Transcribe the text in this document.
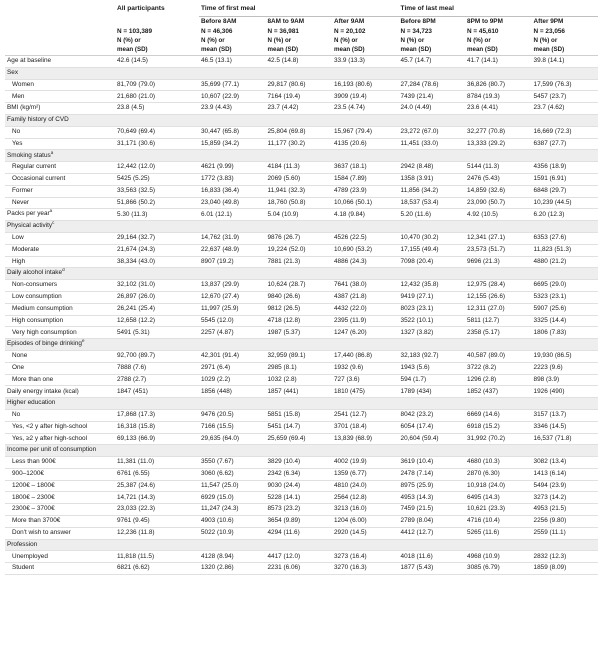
	All participants	Time of first meal			Time of last meal		
		Before 8AM	8AM to 9AM	After 9AM	Before 8PM	8PM to 9PM	After 9PM
	N = 103,389	N = 46,306	N = 36,981	N = 20,102	N = 34,723	N = 45,610	N = 23,056
	N (%) or	N (%) or	N (%) or	N (%) or	N (%) or	N (%) or	N (%) or
	mean (SD)	mean (SD)	mean (SD)	mean (SD)	mean (SD)	mean (SD)	mean (SD)
Age at baseline	42.6 (14.5)	46.5 (13.1)	42.5 (14.8)	33.9 (13.3)	45.7 (14.7)	41.7 (14.1)	39.8 (14.1)
Sex							
Women	81,709 (79.0)	35,699 (77.1)	29,817 (80.6)	16,193 (80.6)	27,284 (78.6)	36,826 (80.7)	17,599 (76.3)
Men	21,680 (21.0)	10,607 (22.9)	7164 (19.4)	3909 (19.4)	7439 (21.4)	8784 (19.3)	5457 (23.7)
BMI (kg/m²)	23.8 (4.5)	23.9 (4.43)	23.7 (4.42)	23.5 (4.74)	24.0 (4.49)	23.6 (4.41)	23.7 (4.62)
Family history of CVD							
No	70,649 (69.4)	30,447 (65.8)	25,804 (69.8)	15,967 (79.4)	23,272 (67.0)	32,277 (70.8)	16,669 (72.3)
Yes	31,171 (30.6)	15,859 (34.2)	11,177 (30.2)	4135 (20.6)	11,451 (33.0)	13,333 (29.2)	6387 (27.7)
Smoking status$^a$							
Regular current	12,442 (12.0)	4621 (9.99)	4184 (11.3)	3637 (18.1)	2942 (8.48)	5144 (11.3)	4356 (18.9)
Occasional current	5425 (5.25)	1772 (3.83)	2069 (5.60)	1584 (7.89)	1358 (3.91)	2476 (5.43)	1591 (6.91)
Former	33,563 (32.5)	16,833 (36.4)	11,941 (32.3)	4789 (23.9)	11,856 (34.2)	14,859 (32.6)	6848 (29.7)
Never	51,866 (50.2)	23,040 (49.8)	18,760 (50.8)	10,066 (50.1)	18,537 (53.4)	23,090 (50.7)	10,239 (44.5)
Packs per year$^a$	5.30 (11.3)	6.01 (12.1)	5.04 (10.9)	4.18 (9.84)	5.20 (11.6)	4.92 (10.5)	6.20 (12.3)
Physical activity$^c$							
Low	29,164 (32.7)	14,762 (31.9)	9876 (26.7)	4526 (22.5)	10,470 (30.2)	12,341 (27.1)	6353 (27.6)
Moderate	21,674 (24.3)	22,637 (48.9)	19,224 (52.0)	10,690 (53.2)	17,155 (49.4)	23,573 (51.7)	11,823 (51.3)
High	38,334 (43.0)	8907 (19.2)	7881 (21.3)	4886 (24.3)	7098 (20.4)	9696 (21.3)	4880 (21.2)
Daily alcohol intake$^d$							
Non-consumers	32,102 (31.0)	13,837 (29.9)	10,624 (28.7)	7641 (38.0)	12,432 (35.8)	12,975 (28.4)	6695 (29.0)
Low consumption	26,897 (26.0)	12,670 (27.4)	9840 (26.6)	4387 (21.8)	9419 (27.1)	12,155 (26.6)	5323 (23.1)
Medium consumption	26,241 (25.4)	11,997 (25.9)	9812 (26.5)	4432 (22.0)	8023 (23.1)	12,311 (27.0)	5907 (25.6)
High consumption	12,658 (12.2)	5545 (12.0)	4718 (12.8)	2395 (11.9)	3522 (10.1)	5811 (12.7)	3325 (14.4)
Very high consumption	5491 (5.31)	2257 (4.87)	1987 (5.37)	1247 (6.20)	1327 (3.82)	2358 (5.17)	1806 (7.83)
Episodes of binge drinking$^e$							
None	92,700 (89.7)	42,301 (91.4)	32,959 (89.1)	17,440 (86.8)	32,183 (92.7)	40,587 (89.0)	19,930 (86.5)
One	7888 (7.6)	2971 (6.4)	2985 (8.1)	1932 (9.6)	1943 (5.6)	3722 (8.2)	2223 (9.6)
More than one	2788 (2.7)	1029 (2.2)	1032 (2.8)	727 (3.6)	594 (1.7)	1296 (2.8)	898 (3.9)
Daily energy intake (kcal)	1847 (451)	1856 (448)	1857 (441)	1810 (475)	1789 (434)	1852 (437)	1926 (490)
Higher education							
No	17,868 (17.3)	9476 (20.5)	5851 (15.8)	2541 (12.7)	8042 (23.2)	6669 (14.6)	3157 (13.7)
Yes, <2 y after high-school	16,318 (15.8)	7166 (15.5)	5451 (14.7)	3701 (18.4)	6054 (17.4)	6918 (15.2)	3346 (14.5)
Yes, ≥2 y after high-school	69,133 (66.9)	29,635 (64.0)	25,659 (69.4)	13,839 (68.9)	20,604 (59.4)	31,992 (70.2)	16,537 (71.8)
Income per unit of consumption							
Less than 900€	11,381 (11.0)	3550 (7.67)	3829 (10.4)	4002 (19.9)	3619 (10.4)	4680 (10.3)	3082 (13.4)
900–1200€	6761 (6.55)	3060 (6.62)	2342 (6.34)	1359 (6.77)	2478 (7.14)	2870 (6.30)	1413 (6.14)
1200€ – 1800€	25,387 (24.6)	11,547 (25.0)	9030 (24.4)	4810 (24.0)	8975 (25.9)	10,918 (24.0)	5494 (23.9)
1800€ – 2300€	14,721 (14.3)	6929 (15.0)	5228 (14.1)	2564 (12.8)	4953 (14.3)	6495 (14.3)	3273 (14.2)
2300€ – 3700€	23,033 (22.3)	11,247 (24.3)	8573 (23.2)	3213 (16.0)	7459 (21.5)	10,621 (23.3)	4953 (21.5)
More than 3700€	9761 (9.45)	4903 (10.6)	3654 (9.89)	1204 (6.00)	2789 (8.04)	4716 (10.4)	2256 (9.80)
Don't wish to answer	12,236 (11.8)	5022 (10.9)	4294 (11.6)	2920 (14.5)	4412 (12.7)	5265 (11.6)	2559 (11.1)
Profession							
Unemployed	11,818 (11.5)	4128 (8.94)	4417 (12.0)	3273 (16.4)	4018 (11.6)	4968 (10.9)	2832 (12.3)
Student	6821 (6.62)	1320 (2.86)	2231 (6.06)	3270 (16.3)	1877 (5.43)	3085 (6.79)	1859 (8.09)
